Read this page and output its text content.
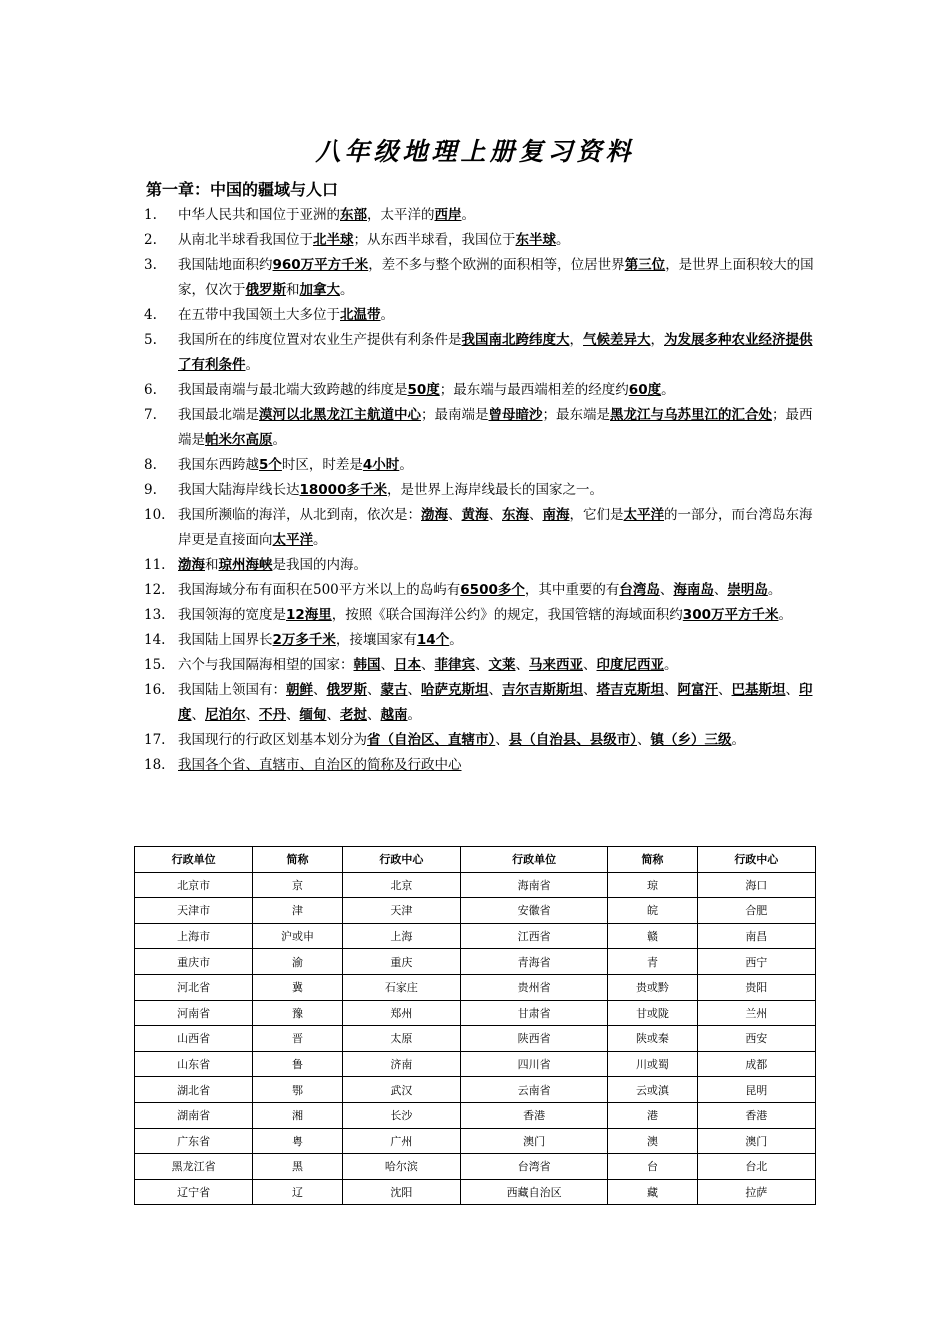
八年级地理上册复习资料
第一章：中国的疆域与人口
1. 中华人民共和国位于亚洲的东部，太平洋的西岸。
2. 从南北半球看我国位于北半球；从东西半球看，我国位于东半球。
3. 我国陆地面积约960万平方千米，差不多与整个欧洲的面积相等，位居世界第三位，是世界上面积较大的国家，仅次于俄罗斯和加拿大。
4. 在五带中我国领土大多位于北温带。
5. 我国所在的纬度位置对农业生产提供有利条件是我国南北跨纬度大，气候差异大，为发展多种农业经济提供了有利条件。
6. 我国最南端与最北端大致跨越的纬度是50度；最东端与最西端相差的经度约60度。
7. 我国最北端是漠河以北黑龙江主航道中心；最南端是曾母暗沙；最东端是黑龙江与乌苏里江的汇合处；最西端是帕米尔高原。
8. 我国东西跨越5个时区，时差是4小时。
9. 我国大陆海岸线长达18000多千米，是世界上海岸线最长的国家之一。
10. 我国所濒临的海洋，从北到南，依次是：渤海、黄海、东海、南海，它们是太平洋的一部分，而台湾岛东海岸更是直接面向太平洋。
11. 渤海和琼州海峡是我国的内海。
12. 我国海域分布有面积在500平方米以上的岛屿有6500多个，其中重要的有台湾岛、海南岛、崇明岛。
13. 我国领海的宽度是12海里，按照《联合国海洋公约》的规定，我国管辖的海域面积约300万平方千米。
14. 我国陆上国界长2万多千米，接壤国家有14个。
15. 六个与我国隔海相望的国家：韩国、日本、菲律宾、文莱、马来西亚、印度尼西亚。
16. 我国陆上领国有：朝鲜、俄罗斯、蒙古、哈萨克斯坦、吉尔吉斯斯坦、塔吉克斯坦、阿富汗、巴基斯坦、印度、尼泊尔、不丹、缅甸、老挝、越南。
17. 我国现行的行政区划基本划分为省（自治区、直辖市）、县（自治县、县级市）、镇（乡）三级。
18. 我国各个省、直辖市、自治区的简称及行政中心
行政单位	简称	行政中心	行政单位	简称	行政中心
北京市	京	北京	海南省	琼	海口
天津市	津	天津	安徽省	皖	合肥
上海市	沪或申	上海	江西省	赣	南昌
重庆市	渝	重庆	青海省	青	西宁
河北省	冀	石家庄	贵州省	贵或黔	贵阳
河南省	豫	郑州	甘肃省	甘或陇	兰州
山西省	晋	太原	陕西省	陕或秦	西安
山东省	鲁	济南	四川省	川或蜀	成都
湖北省	鄂	武汉	云南省	云或滇	昆明
湖南省	湘	长沙	香港	港	香港
广东省	粤	广州	澳门	澳	澳门
黑龙江省	黑	哈尔滨	台湾省	台	台北
辽宁省	辽	沈阳	西藏自治区	藏	拉萨
